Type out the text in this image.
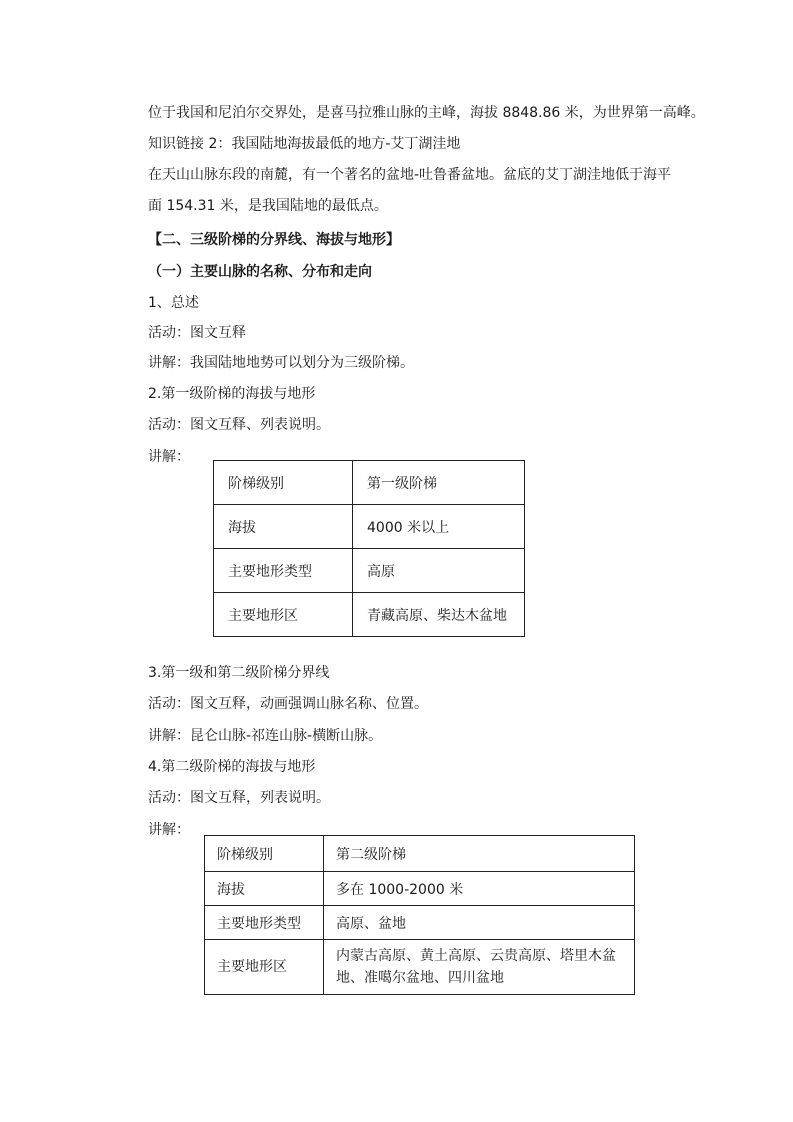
位于我国和尼泊尔交界处，是喜马拉雅山脉的主峰，海拔 8848.86 米，为世界第一高峰。
知识链接 2：我国陆地海拔最低的地方-艾丁湖洼地
在天山山脉东段的南麓，有一个著名的盆地-吐鲁番盆地。盆底的艾丁湖洼地低于海平
面 154.31 米，是我国陆地的最低点。
【二、三级阶梯的分界线、海拔与地形】
（一）主要山脉的名称、分布和走向
1、总述
活动：图文互释
讲解：我国陆地地势可以划分为三级阶梯。
2.第一级阶梯的海拔与地形
活动：图文互释、列表说明。
讲解：
阶梯级别	第一级阶梯
海拔	4000 米以上
主要地形类型	高原
主要地形区	青藏高原、柴达木盆地
3.第一级和第二级阶梯分界线
活动：图文互释，动画强调山脉名称、位置。
讲解：昆仑山脉-祁连山脉-横断山脉。
4.第二级阶梯的海拔与地形
活动：图文互释，列表说明。
讲解：
阶梯级别	第二级阶梯
海拔	多在 1000-2000 米
主要地形类型	高原、盆地
主要地形区	内蒙古高原、黄土高原、云贵高原、塔里木盆地、准噶尔盆地、四川盆地
